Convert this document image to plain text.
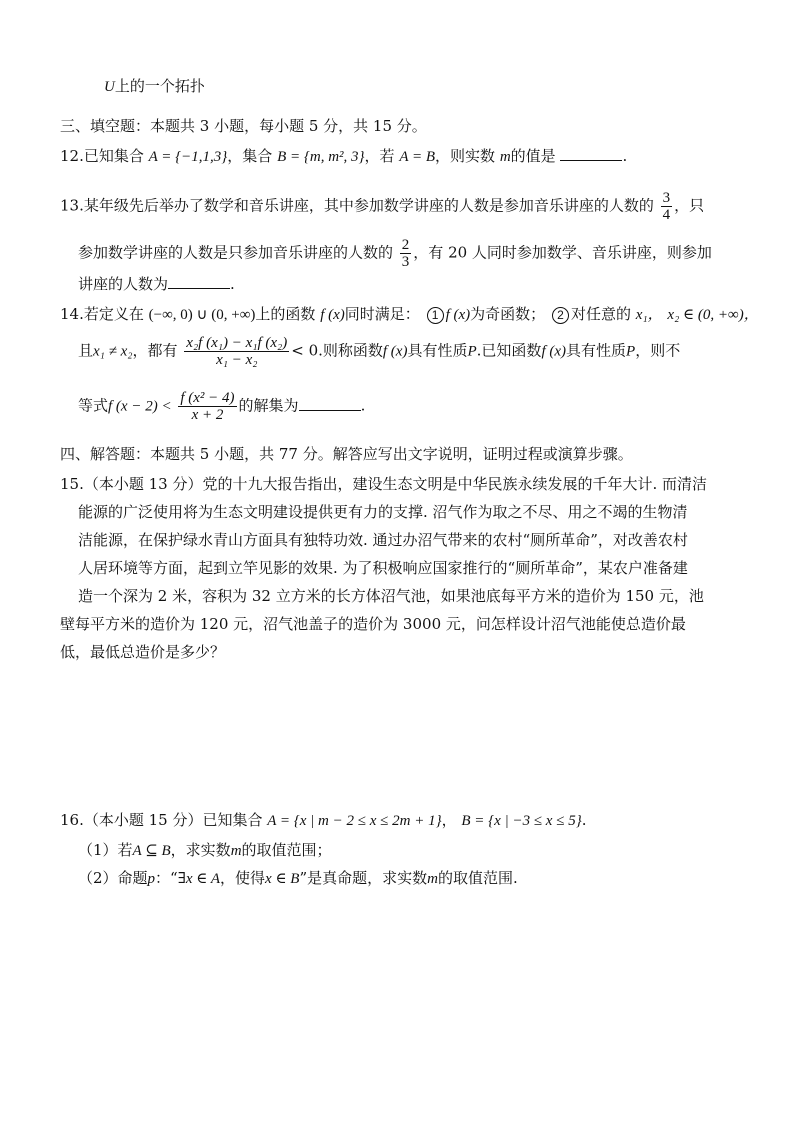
U上的一个拓扑
三、填空题：本题共 3 小题，每小题 5 分，共 15 分。
12.已知集合 A = {−1,1,3}，集合 B = {m, m², 3}，若 A = B，则实数 m的值是	.
13.某年级先后举办了数学和音乐讲座，其中参加数学讲座的人数是参加音乐讲座的人数的 $\frac{3}{4}$ ，只
参加数学讲座的人数是只参加音乐讲座的人数的 $\frac{2}{3}$ ，有 20 人同时参加数学、音乐讲座，则参加
讲座的人数为	.
14.若定义在 (−∞, 0) ∪ (0, +∞)上的函数 f (x)同时满足： 1 f (x)为奇函数； 2 对任意的 x₁， x₂ ∈ (0, +∞)，
且x₁ ≠ x₂，都有 $\frac{\text{x₂f (x₁) − x₁f (x₂)}}{\text{x₁ − x₂}} < 0$.则称函数f (x)具有性质P.已知函数f (x)具有性质P，则不
等式f $(x - 2) < \frac{\text{f (x² − 4)}}{x + 2}$ 的解集为	.
四、解答题：本题共 5 小题，共 77 分。解答应写出文字说明，证明过程或演算步骤。
15.（本小题 13 分）党的十九大报告指出，建设生态文明是中华民族永续发展的千年大计. 而清洁
能源的广泛使用将为生态文明建设提供更有力的支撑. 沼气作为取之不尽、用之不竭的生物清
洁能源，在保护绿水青山方面具有独特功效. 通过办沼气带来的农村“厕所革命”，对改善农村
人居环境等方面，起到立竿见影的效果. 为了积极响应国家推行的“厕所革命”，某农户准备建
造一个深为 2 米，容积为 32 立方米的长方体沼气池，如果池底每平方米的造价为 150 元，池
壁每平方米的造价为 120 元，沼气池盖子的造价为 3000 元，问怎样设计沼气池能使总造价最
低，最低总造价是多少？
16.（本小题 15 分）已知集合 A = {x | m − 2 ≤ x ≤ 2m + 1}， B = {x | −3 ≤ x ≤ 5}.
（1）若A ⊆ B，求实数m的取值范围；
（2）命题p：“∃x ∈ A，使得x ∈ B”是真命题，求实数m的取值范围.
